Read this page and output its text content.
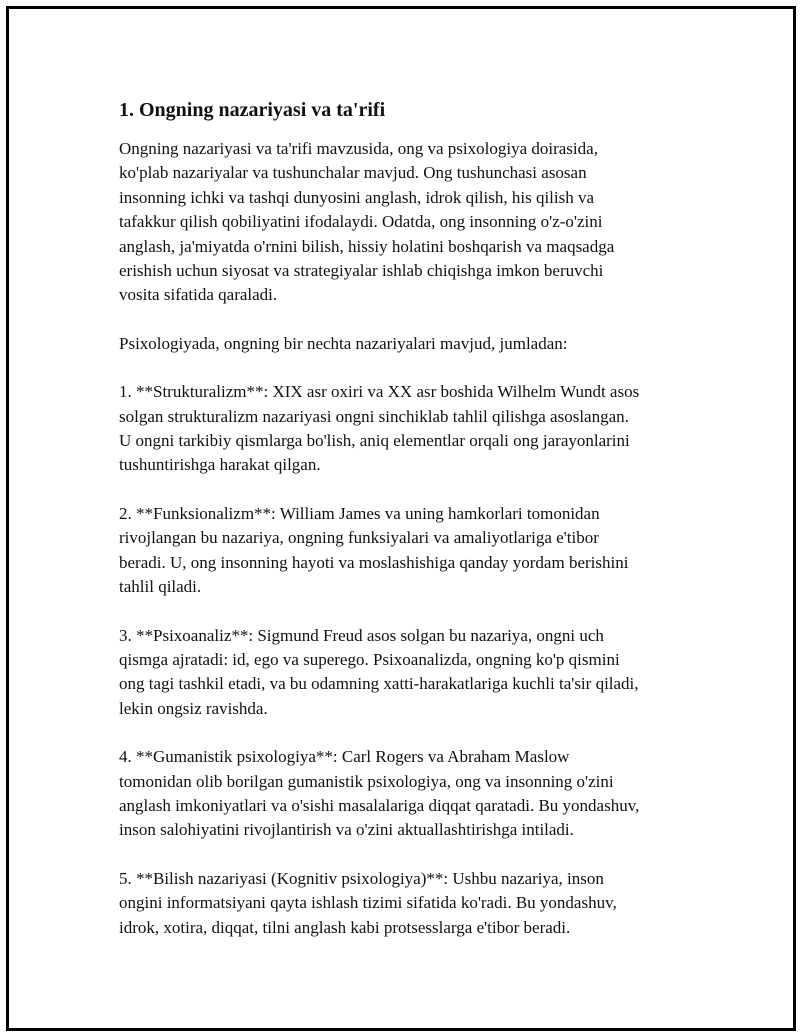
1. Ongning nazariyasi va ta'rifi

Ongning nazariyasi va ta'rifi mavzusida, ong va psixologiya doirasida,
ko'plab nazariyalar va tushunchalar mavjud. Ong tushunchasi asosan
insonning ichki va tashqi dunyosini anglash, idrok qilish, his qilish va
tafakkur qilish qobiliyatini ifodalaydi. Odatda, ong insonning o'z-o'zini
anglash, ja'miyatda o'rnini bilish, hissiy holatini boshqarish va maqsadga
erishish uchun siyosat va strategiyalar ishlab chiqishga imkon beruvchi
vosita sifatida qaraladi.

Psixologiyada, ongning bir nechta nazariyalari mavjud, jumladan:

1. **Strukturalizm**: XIX asr oxiri va XX asr boshida Wilhelm Wundt asos
solgan strukturalizm nazariyasi ongni sinchiklab tahlil qilishga asoslangan.
U ongni tarkibiy qismlarga bo'lish, aniq elementlar orqali ong jarayonlarini
tushuntirishga harakat qilgan.

2. **Funksionalizm**: William James va uning hamkorlari tomonidan
rivojlangan bu nazariya, ongning funksiyalari va amaliyotlariga e'tibor
beradi. U, ong insonning hayoti va moslashishiga qanday yordam berishini
tahlil qiladi.

3. **Psixoanaliz**: Sigmund Freud asos solgan bu nazariya, ongni uch
qismga ajratadi: id, ego va superego. Psixoanalizda, ongning ko'p qismini
ong tagi tashkil etadi, va bu odamning xatti-harakatlariga kuchli ta'sir qiladi,
lekin ongsiz ravishda.

4. **Gumanistik psixologiya**: Carl Rogers va Abraham Maslow
tomonidan olib borilgan gumanistik psixologiya, ong va insonning o'zini
anglash imkoniyatlari va o'sishi masalalariga diqqat qaratadi. Bu yondashuv,
inson salohiyatini rivojlantirish va o'zini aktuallashtirishga intiladi.

5. **Bilish nazariyasi (Kognitiv psixologiya)**: Ushbu nazariya, inson
ongini informatsiyani qayta ishlash tizimi sifatida ko'radi. Bu yondashuv,
idrok, xotira, diqqat, tilni anglash kabi protsesslarga e'tibor beradi.
